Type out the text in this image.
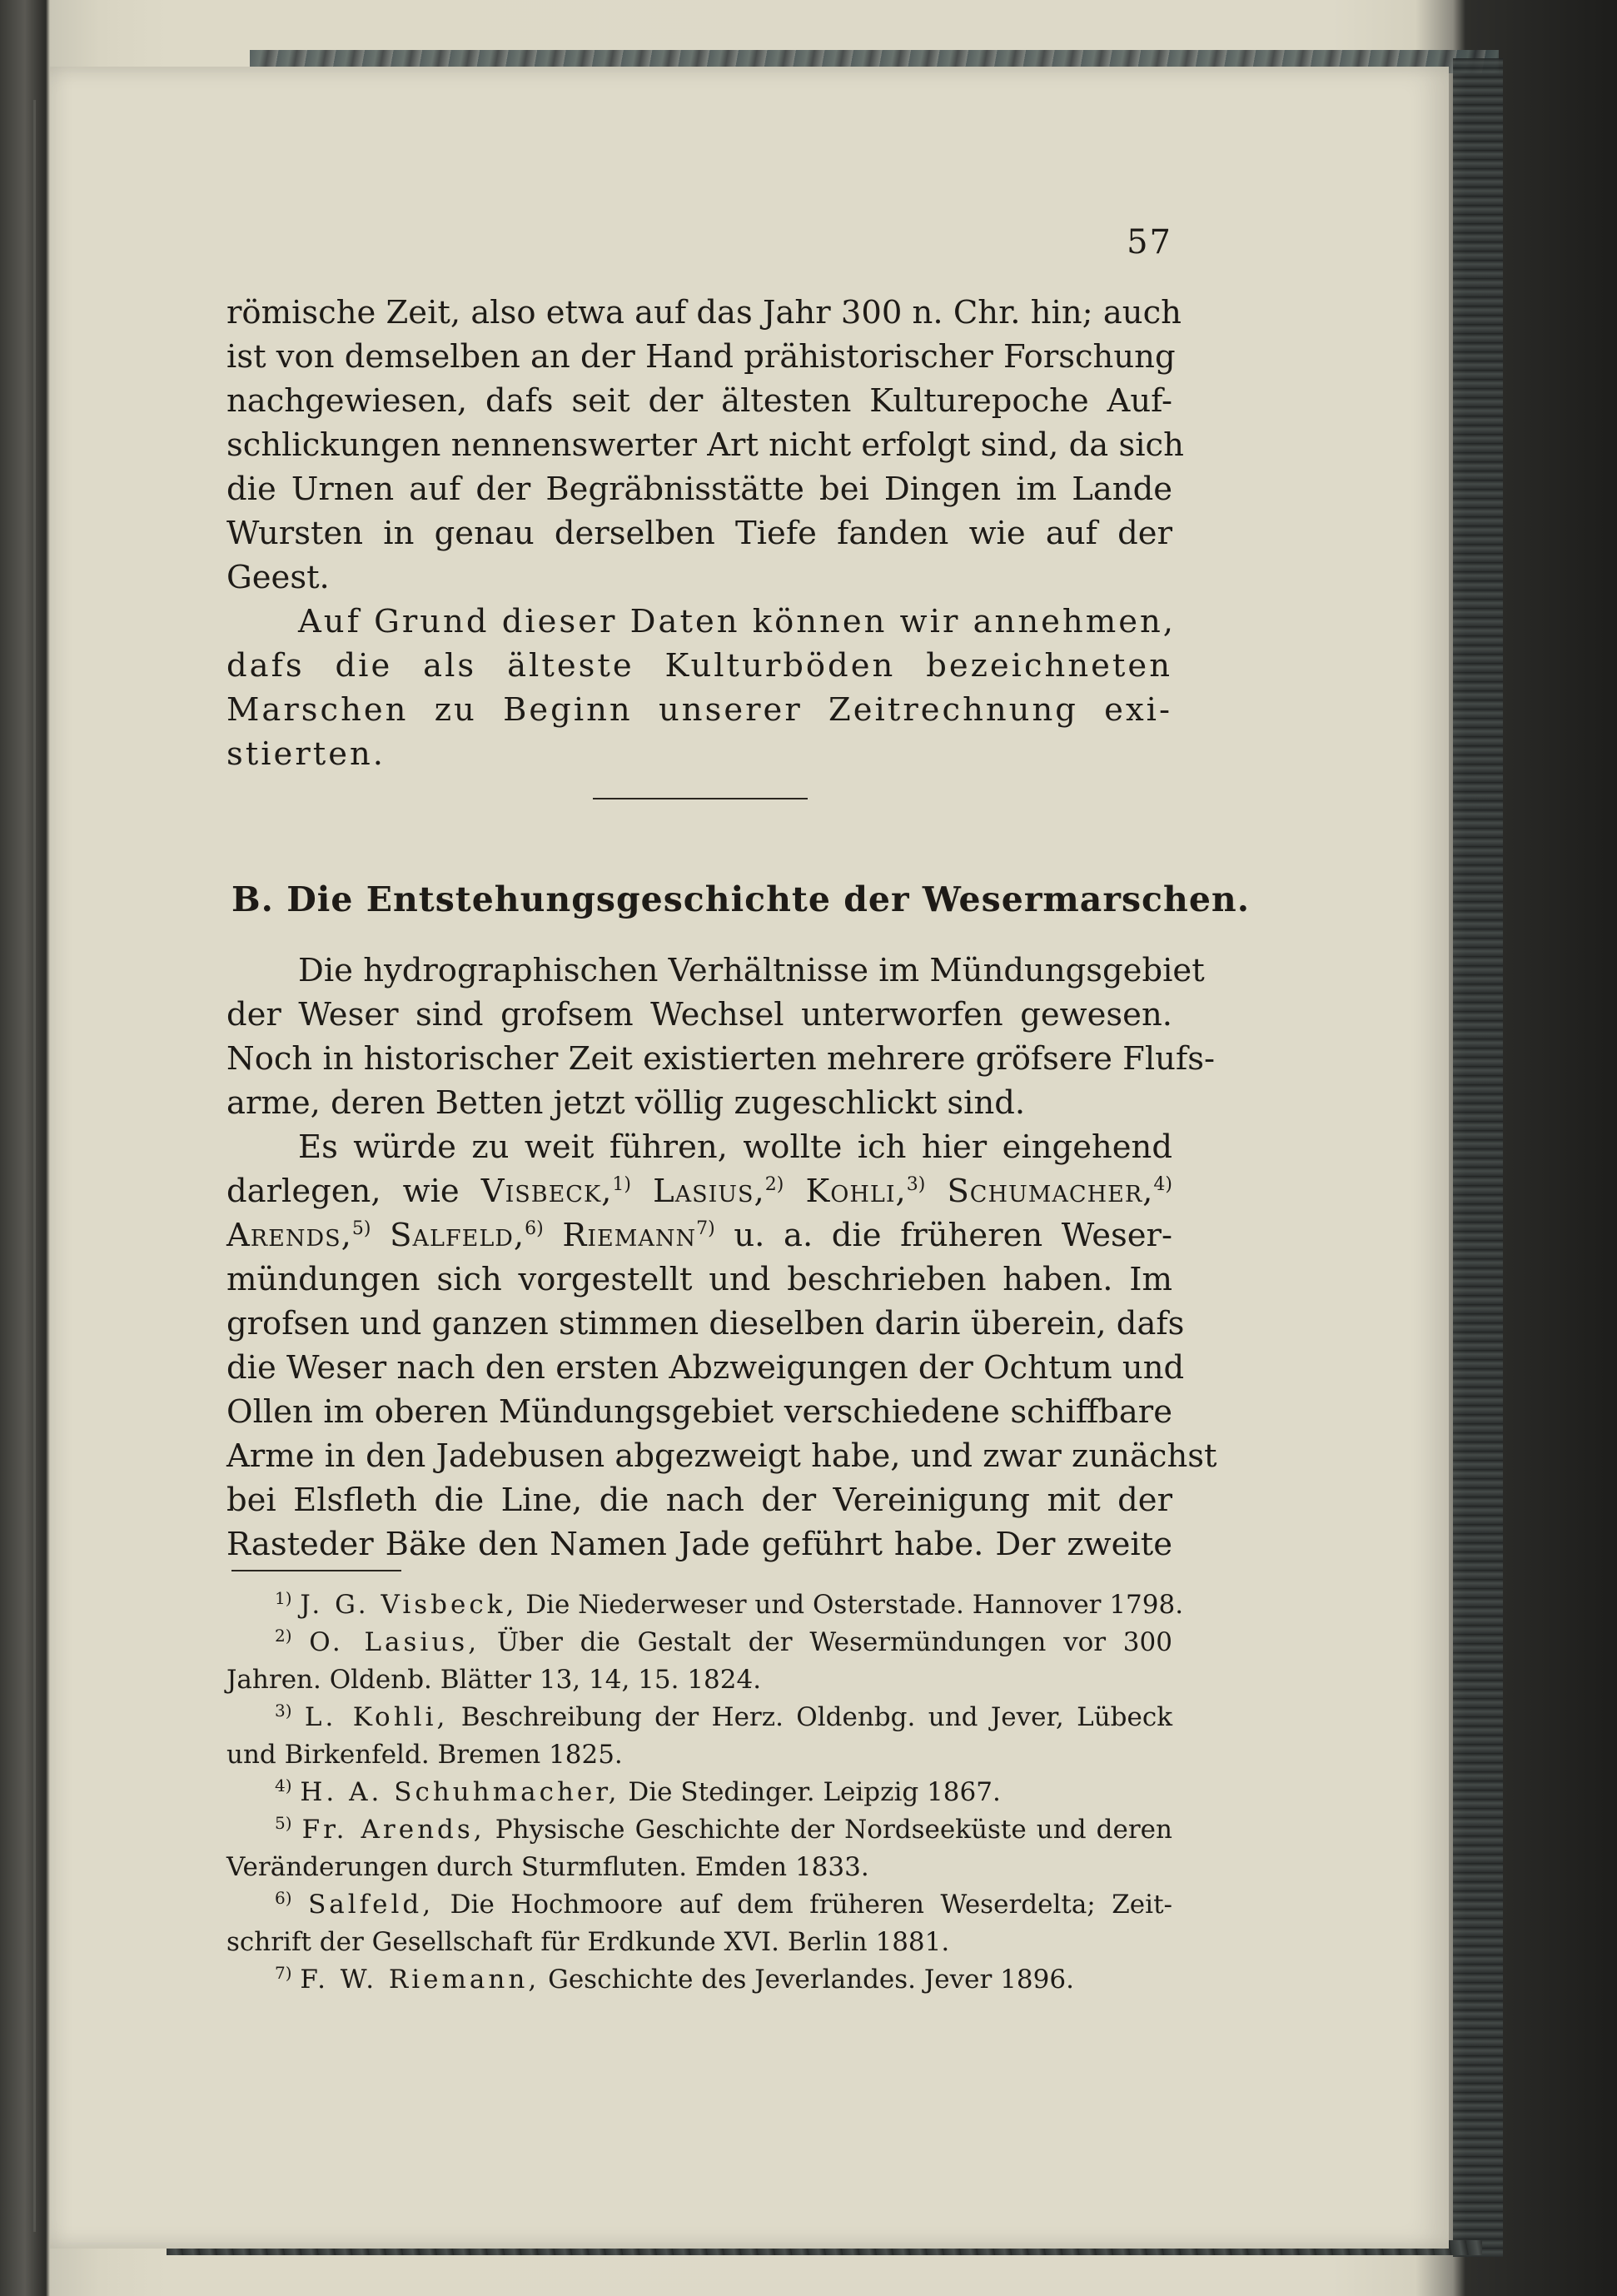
57
römische Zeit, also etwa auf das Jahr 300 n. Chr. hin; auch
ist von demselben an der Hand prähistorischer Forschung
nachgewiesen, dafs seit der ältesten Kulturepoche Auf-
schlickungen nennenswerter Art nicht erfolgt sind, da sich
die Urnen auf der Begräbnisstätte bei Dingen im Lande
Wursten in genau derselben Tiefe fanden wie auf der
Geest.
Auf Grund dieser Daten können wir annehmen,
dafs die als älteste Kulturböden bezeichneten
Marschen zu Beginn unserer Zeitrechnung exi-
stierten.
B. Die Entstehungsgeschichte der Wesermarschen.
Die hydrographischen Verhältnisse im Mündungsgebiet
der Weser sind grofsem Wechsel unterworfen gewesen.
Noch in historischer Zeit existierten mehrere gröfsere Flufs-
arme, deren Betten jetzt völlig zugeschlickt sind.
Es würde zu weit führen, wollte ich hier eingehend
darlegen, wie Visbeck,$^{1)}$ Lasius,$^{2)}$ Kohli,$^{3)}$ Schumacher,$^{4)}$
Arends,$^{5)}$ Salfeld,$^{6)}$ Riemann$^{7)}$ u. a. die früheren Weser-
mündungen sich vorgestellt und beschrieben haben. Im
grofsen und ganzen stimmen dieselben darin überein, dafs
die Weser nach den ersten Abzweigungen der Ochtum und
Ollen im oberen Mündungsgebiet verschiedene schiffbare
Arme in den Jadebusen abgezweigt habe, und zwar zunächst
bei Elsfleth die Line, die nach der Vereinigung mit der
Rasteder Bäke den Namen Jade geführt habe. Der zweite
$^{1)}$ J. G. Visbeck, Die Niederweser und Osterstade. Hannover 1798.
$^{2)}$ O. Lasius, Über die Gestalt der Wesermündungen vor 300
Jahren. Oldenb. Blätter 13, 14, 15. 1824.
$^{3)}$ L. Kohli, Beschreibung der Herz. Oldenbg. und Jever, Lübeck
und Birkenfeld. Bremen 1825.
$^{4)}$ H. A. Schuhmacher, Die Stedinger. Leipzig 1867.
$^{5)}$ Fr. Arends, Physische Geschichte der Nordseeküste und deren
Veränderungen durch Sturmfluten. Emden 1833.
$^{6)}$ Salfeld, Die Hochmoore auf dem früheren Weserdelta; Zeit-
schrift der Gesellschaft für Erdkunde XVI. Berlin 1881.
$^{7)}$ F. W. Riemann, Geschichte des Jeverlandes. Jever 1896.
